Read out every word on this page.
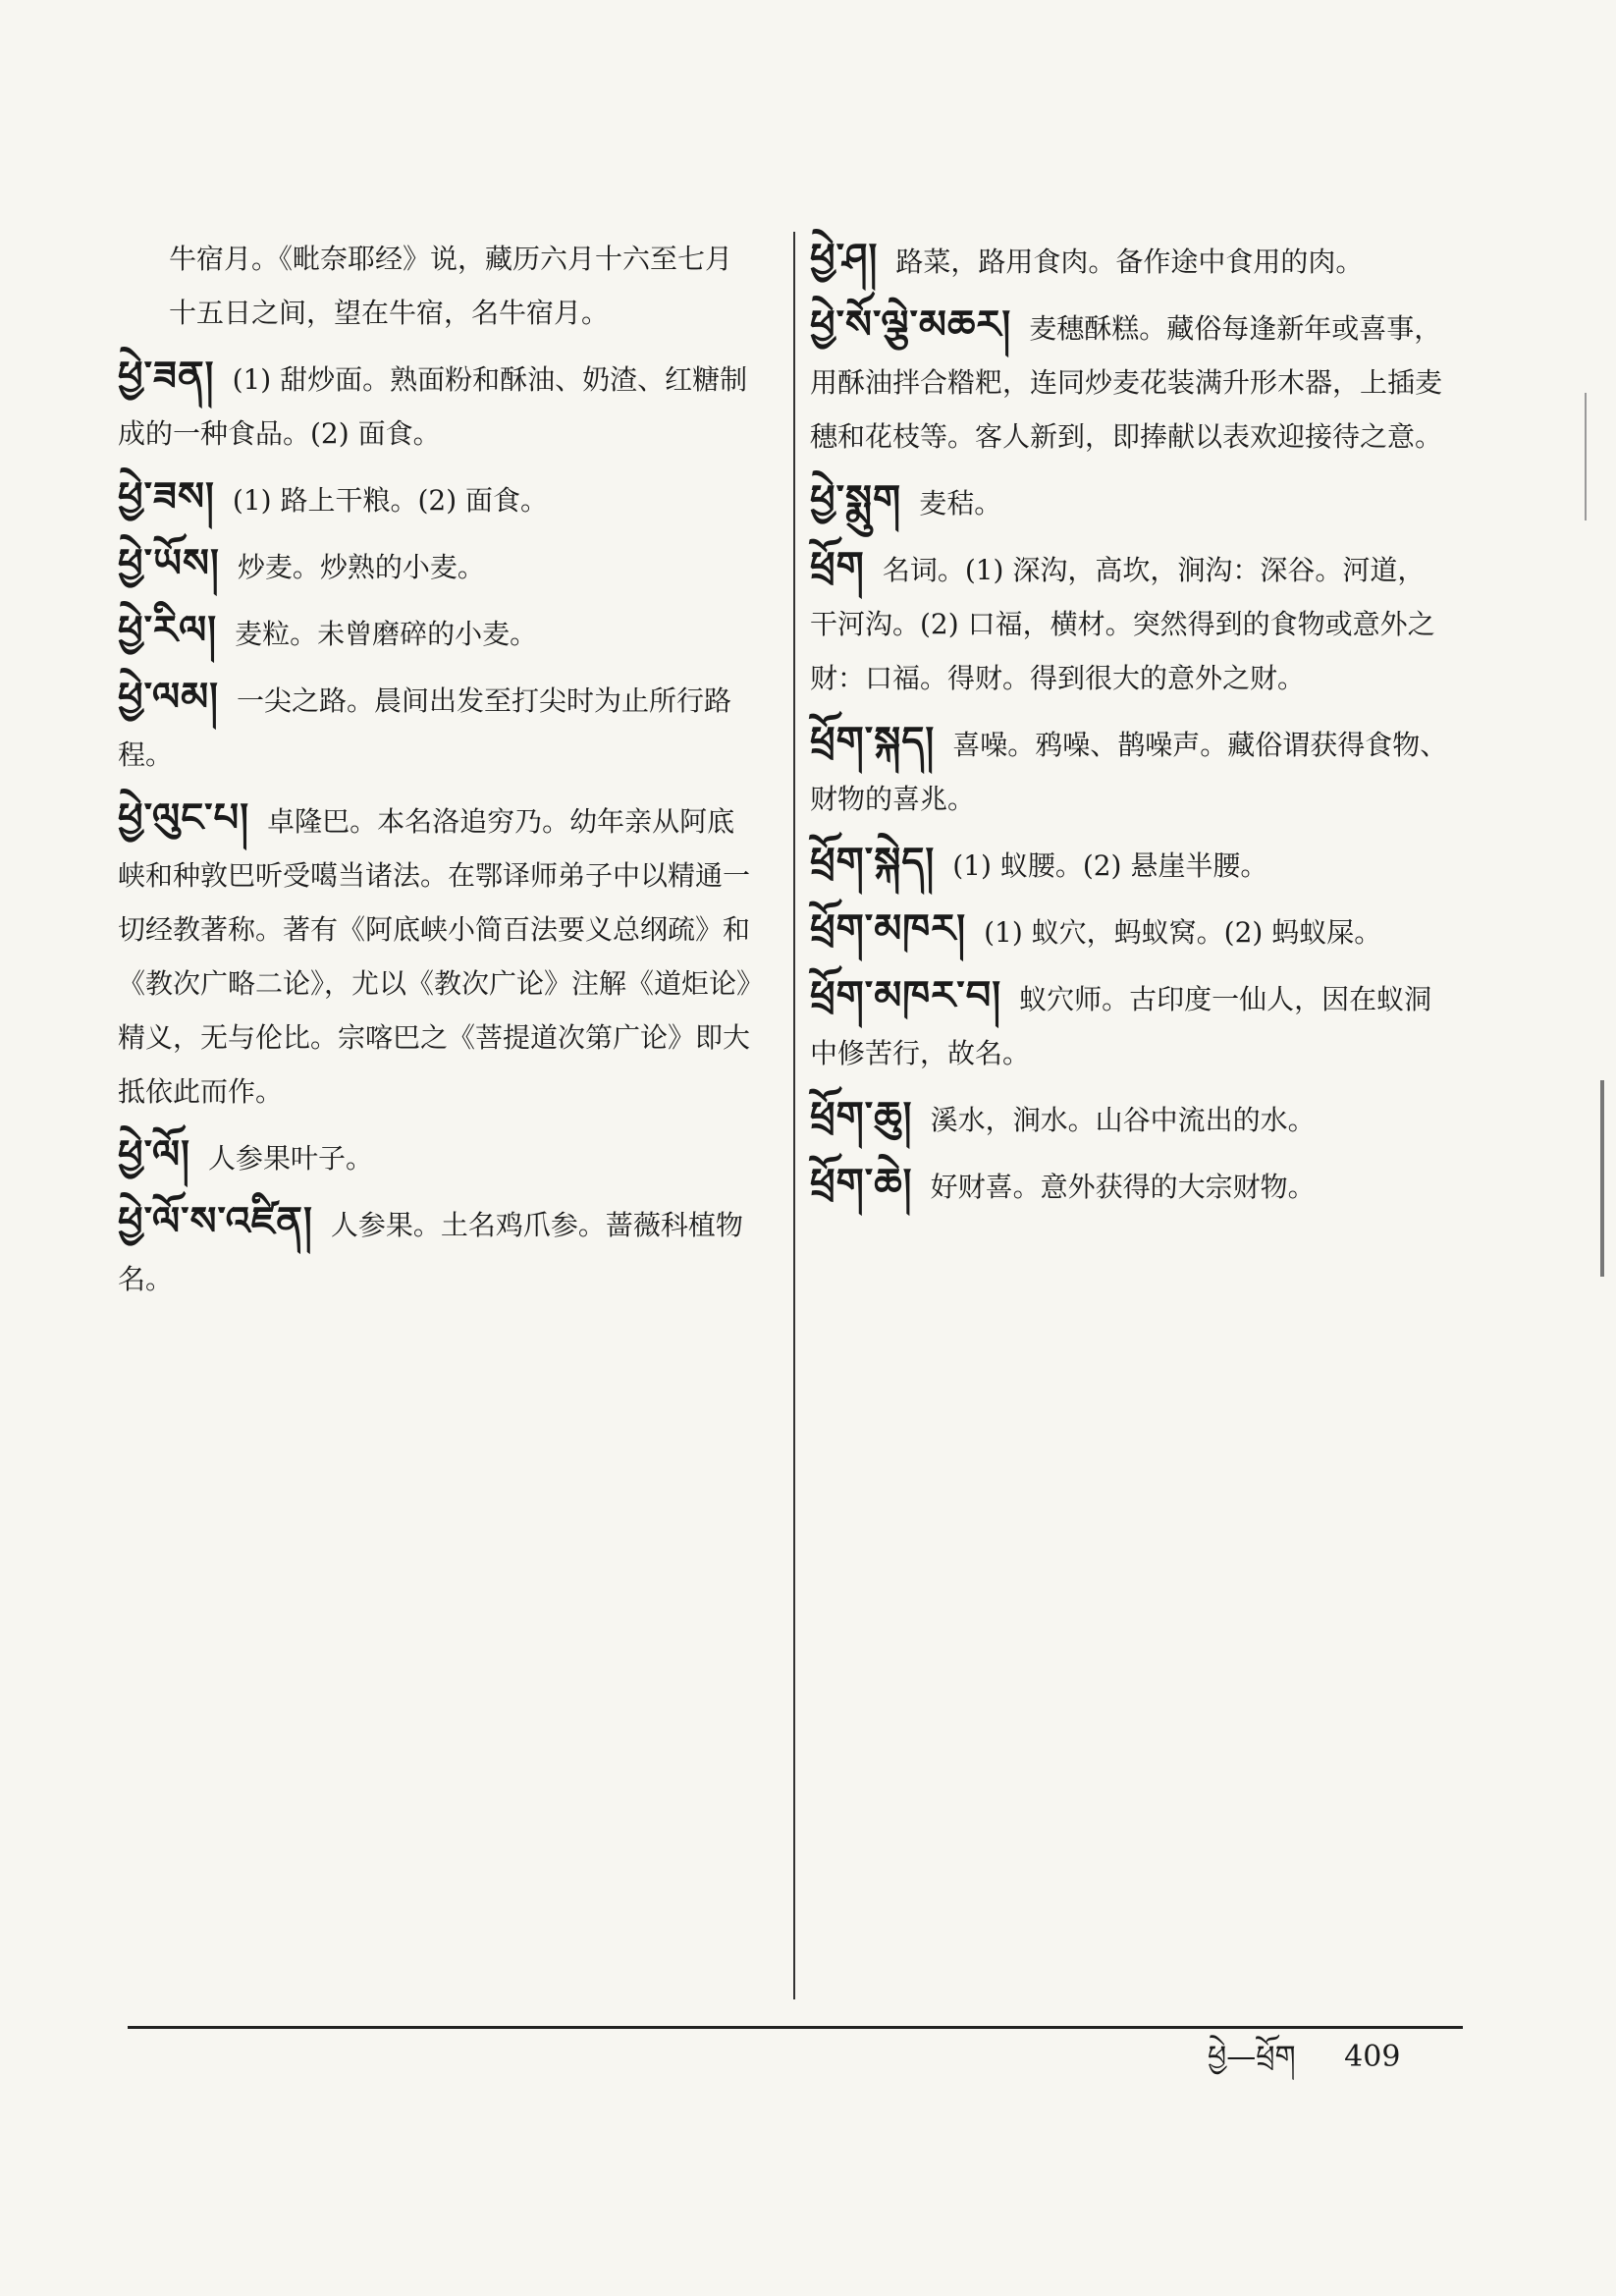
牛宿月。《毗奈耶经》说，藏历六月十六至七月十五日之间，望在牛宿，名牛宿月。
ཕྱེ་ཟན། (1) 甜炒面。熟面粉和酥油、奶渣、红糖制成的一种食品。(2) 面食。
ཕྱེ་ཟས། (1) 路上干粮。(2) 面食。
ཕྱེ་ཡོས། 炒麦。炒熟的小麦。
ཕྱེ་རིལ། 麦粒。未曾磨碎的小麦。
ཕྱེ་ལམ། 一尖之路。晨间出发至打尖时为止所行路程。
ཕྱེ་ལུང་པ། 卓隆巴。本名洛追穷乃。幼年亲从阿底峡和种敦巴听受噶当诸法。在鄂译师弟子中以精通一切经教著称。著有《阿底峡小简百法要义总纲疏》和《教次广略二论》，尤以《教次广论》注解《道炬论》精义，无与伦比。宗喀巴之《菩提道次第广论》即大抵依此而作。
ཕྱེ་ལོ། 人参果叶子。
ཕྱེ་ལོ་ས་འཛིན། 人参果。土名鸡爪参。蔷薇科植物名。
ཕྱེ་ཤ། 路菜，路用食肉。备作途中食用的肉。
ཕྱེ་སོ་ལྕེ་མཆར། 麦穗酥糕。藏俗每逢新年或喜事，用酥油拌合糌粑，连同炒麦花装满升形木器，上插麦穗和花枝等。客人新到，即捧献以表欢迎接待之意。
ཕྱེ་སྨུག 麦秸。
ཕྲོག 名词。(1) 深沟，高坎，涧沟：深谷。河道，干河沟。(2) 口福，横材。突然得到的食物或意外之财：口福。得财。得到很大的意外之财。
ཕྲོག་སྐད། 喜噪。鸦噪、鹊噪声。藏俗谓获得食物、财物的喜兆。
ཕྲོག་སྐེད། (1) 蚁腰。(2) 悬崖半腰。
ཕྲོག་མཁར། (1) 蚁穴，蚂蚁窝。(2) 蚂蚁屎。
ཕྲོག་མཁར་བ། 蚁穴师。古印度一仙人，因在蚁洞中修苦行，故名。
ཕྲོག་ཆུ། 溪水，涧水。山谷中流出的水。
ཕྲོག་ཆེ། 好财喜。意外获得的大宗财物。
ཕྱེ—ཕྲོག 409
